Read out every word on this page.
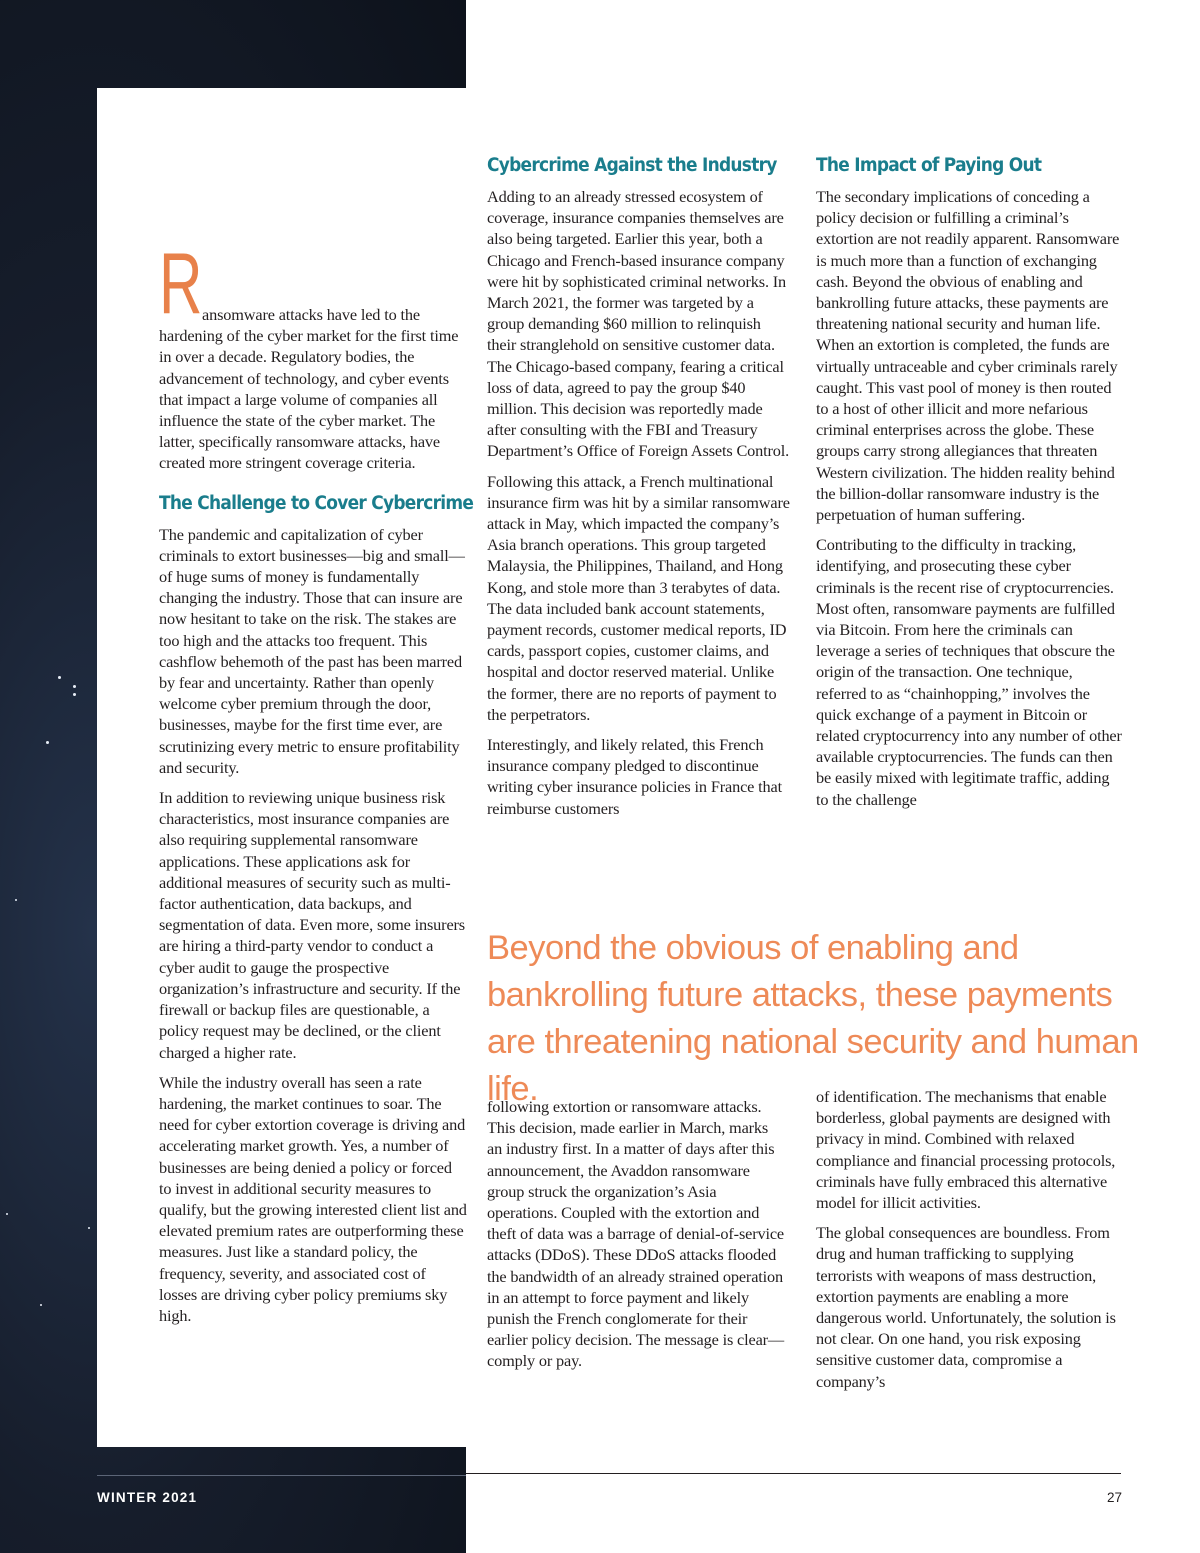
R ansomware attacks have led to the
hardening of the cyber market for the first time in over a decade. Regulatory bodies, the advancement of technology, and cyber events that impact a large volume of companies all influence the state of the cyber market. The latter, specifically ransomware attacks, have created more stringent coverage criteria.

The Challenge to Cover Cybercrime

The pandemic and capitalization of cyber criminals to extort businesses—big and small—of huge sums of money is fundamentally changing the industry. Those that can insure are now hesitant to take on the risk. The stakes are too high and the attacks too frequent. This cashflow behemoth of the past has been marred by fear and uncertainty. Rather than openly welcome cyber premium through the door, businesses, maybe for the first time ever, are scrutinizing every metric to ensure profitability and security.

In addition to reviewing unique business risk characteristics, most insurance companies are also requiring supplemental ransomware applications. These applications ask for additional measures of security such as multi-factor authentication, data backups, and segmentation of data. Even more, some insurers are hiring a third-party vendor to conduct a cyber audit to gauge the prospective organization’s infrastructure and security. If the firewall or backup files are questionable, a policy request may be declined, or the client charged a higher rate.

While the industry overall has seen a rate hardening, the market continues to soar. The need for cyber extortion coverage is driving and accelerating market growth. Yes, a number of businesses are being denied a policy or forced to invest in additional security measures to qualify, but the growing interested client list and elevated premium rates are outperforming these measures. Just like a standard policy, the frequency, severity, and associated cost of losses are driving cyber policy premiums sky high.

Cybercrime Against the Industry

Adding to an already stressed ecosystem of coverage, insurance companies themselves are also being targeted. Earlier this year, both a Chicago and French-based insurance company were hit by sophisticated criminal networks. In March 2021, the former was targeted by a group demanding $60 million to relinquish their stranglehold on sensitive customer data. The Chicago-based company, fearing a critical loss of data, agreed to pay the group $40 million. This decision was reportedly made after consulting with the FBI and Treasury Department’s Office of Foreign Assets Control.

Following this attack, a French multinational insurance firm was hit by a similar ransomware attack in May, which impacted the company’s Asia branch operations. This group targeted Malaysia, the Philippines, Thailand, and Hong Kong, and stole more than 3 terabytes of data. The data included bank account statements, payment records, customer medical reports, ID cards, passport copies, customer claims, and hospital and doctor reserved material. Unlike the former, there are no reports of payment to the perpetrators.

Interestingly, and likely related, this French insurance company pledged to discontinue writing cyber insurance policies in France that reimburse customers

The Impact of Paying Out

The secondary implications of conceding a policy decision or fulfilling a criminal’s extortion are not readily apparent. Ransomware is much more than a function of exchanging cash. Beyond the obvious of enabling and bankrolling future attacks, these payments are threatening national security and human life. When an extortion is completed, the funds are virtually untraceable and cyber criminals rarely caught. This vast pool of money is then routed to a host of other illicit and more nefarious criminal enterprises across the globe. These groups carry strong allegiances that threaten Western civilization. The hidden reality behind the billion-dollar ransomware industry is the perpetuation of human suffering.

Contributing to the difficulty in tracking, identifying, and prosecuting these cyber criminals is the recent rise of cryptocurrencies. Most often, ransomware payments are fulfilled via Bitcoin. From here the criminals can leverage a series of techniques that obscure the origin of the transaction. One technique, referred to as “chainhopping,” involves the quick exchange of a payment in Bitcoin or related cryptocurrency into any number of other available cryptocurrencies. The funds can then be easily mixed with legitimate traffic, adding to the challenge

Beyond the obvious of enabling and bankrolling future attacks, these payments are threatening national security and human life.

following extortion or ransomware attacks. This decision, made earlier in March, marks an industry first. In a matter of days after this announcement, the Avaddon ransomware group struck the organization’s Asia operations. Coupled with the extortion and theft of data was a barrage of denial-of-service attacks (DDoS). These DDoS attacks flooded the bandwidth of an already strained operation in an attempt to force payment and likely punish the French conglomerate for their earlier policy decision. The message is clear—comply or pay.

of identification. The mechanisms that enable borderless, global payments are designed with privacy in mind. Combined with relaxed compliance and financial processing protocols, criminals have fully embraced this alternative model for illicit activities.

The global consequences are boundless. From drug and human trafficking to supplying terrorists with weapons of mass destruction, extortion payments are enabling a more dangerous world. Unfortunately, the solution is not clear. On one hand, you risk exposing sensitive customer data, compromise a company’s

WINTER 2021	27
